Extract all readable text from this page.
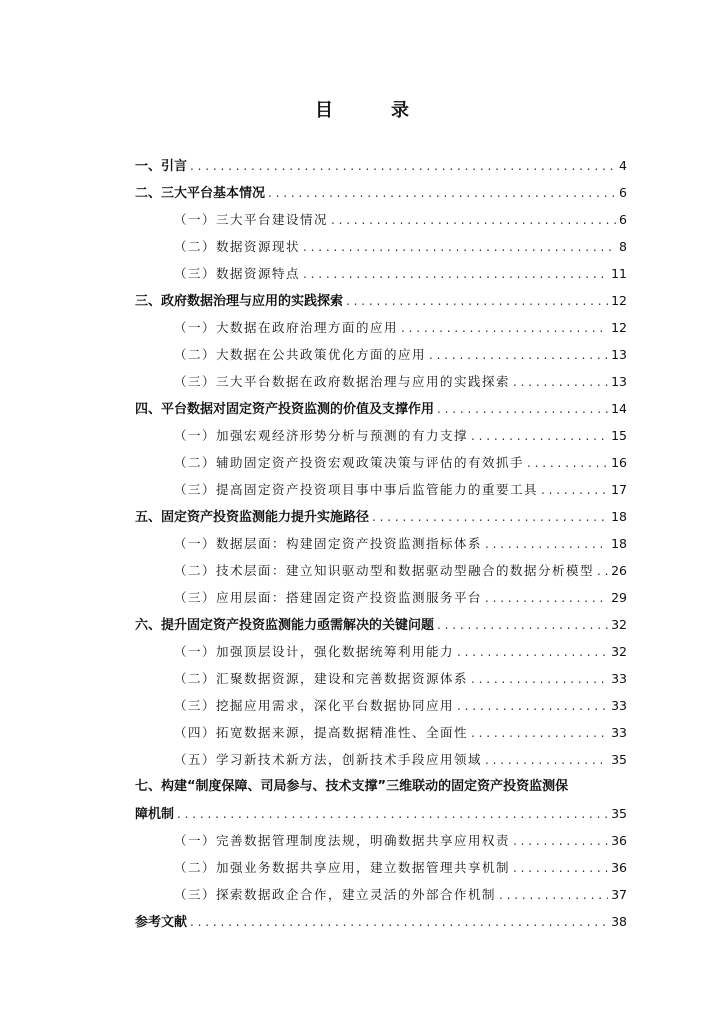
目　录
一、引言 . . .	4
二、三大平台基本情况 . . .	6
（一）三大平台建设情况 . . .	6
（二）数据资源现状 . . .	8
（三）数据资源特点 . . .	11
三、政府数据治理与应用的实践探索 . . .	12
（一）大数据在政府治理方面的应用 . . .	12
（二）大数据在公共政策优化方面的应用 . . .	13
（三）三大平台数据在政府数据治理与应用的实践探索 . . .	13
四、平台数据对固定资产投资监测的价值及支撑作用 . . .	14
（一）加强宏观经济形势分析与预测的有力支撑 . . .	15
（二）辅助固定资产投资宏观政策决策与评估的有效抓手 . . .	16
（三）提高固定资产投资项目事中事后监管能力的重要工具 . . .	17
五、固定资产投资监测能力提升实施路径 . . .	18
（一）数据层面：构建固定资产投资监测指标体系 . . .	18
（二）技术层面：建立知识驱动型和数据驱动型融合的数据分析模型 . . . 26
（三）应用层面：搭建固定资产投资监测服务平台 . . .	29
六、提升固定资产投资监测能力亟需解决的关键问题 . . .	32
（一）加强顶层设计，强化数据统筹利用能力 . . .	32
（二）汇聚数据资源，建设和完善数据资源体系 . . .	33
（三）挖掘应用需求，深化平台数据协同应用 . . .	33
（四）拓宽数据来源，提高数据精准性、全面性 . . .	33
（五）学习新技术新方法，创新技术手段应用领域 . . .	35
七、构建“制度保障、司局参与、技术支撑”三维联动的固定资产投资监测保
障机制 . . .	35
（一）完善数据管理制度法规，明确数据共享应用权责 . . .	36
（二）加强业务数据共享应用，建立数据管理共享机制 . . .	36
（三）探索数据政企合作，建立灵活的外部合作机制 . . .	37
参考文献 . . .	38
